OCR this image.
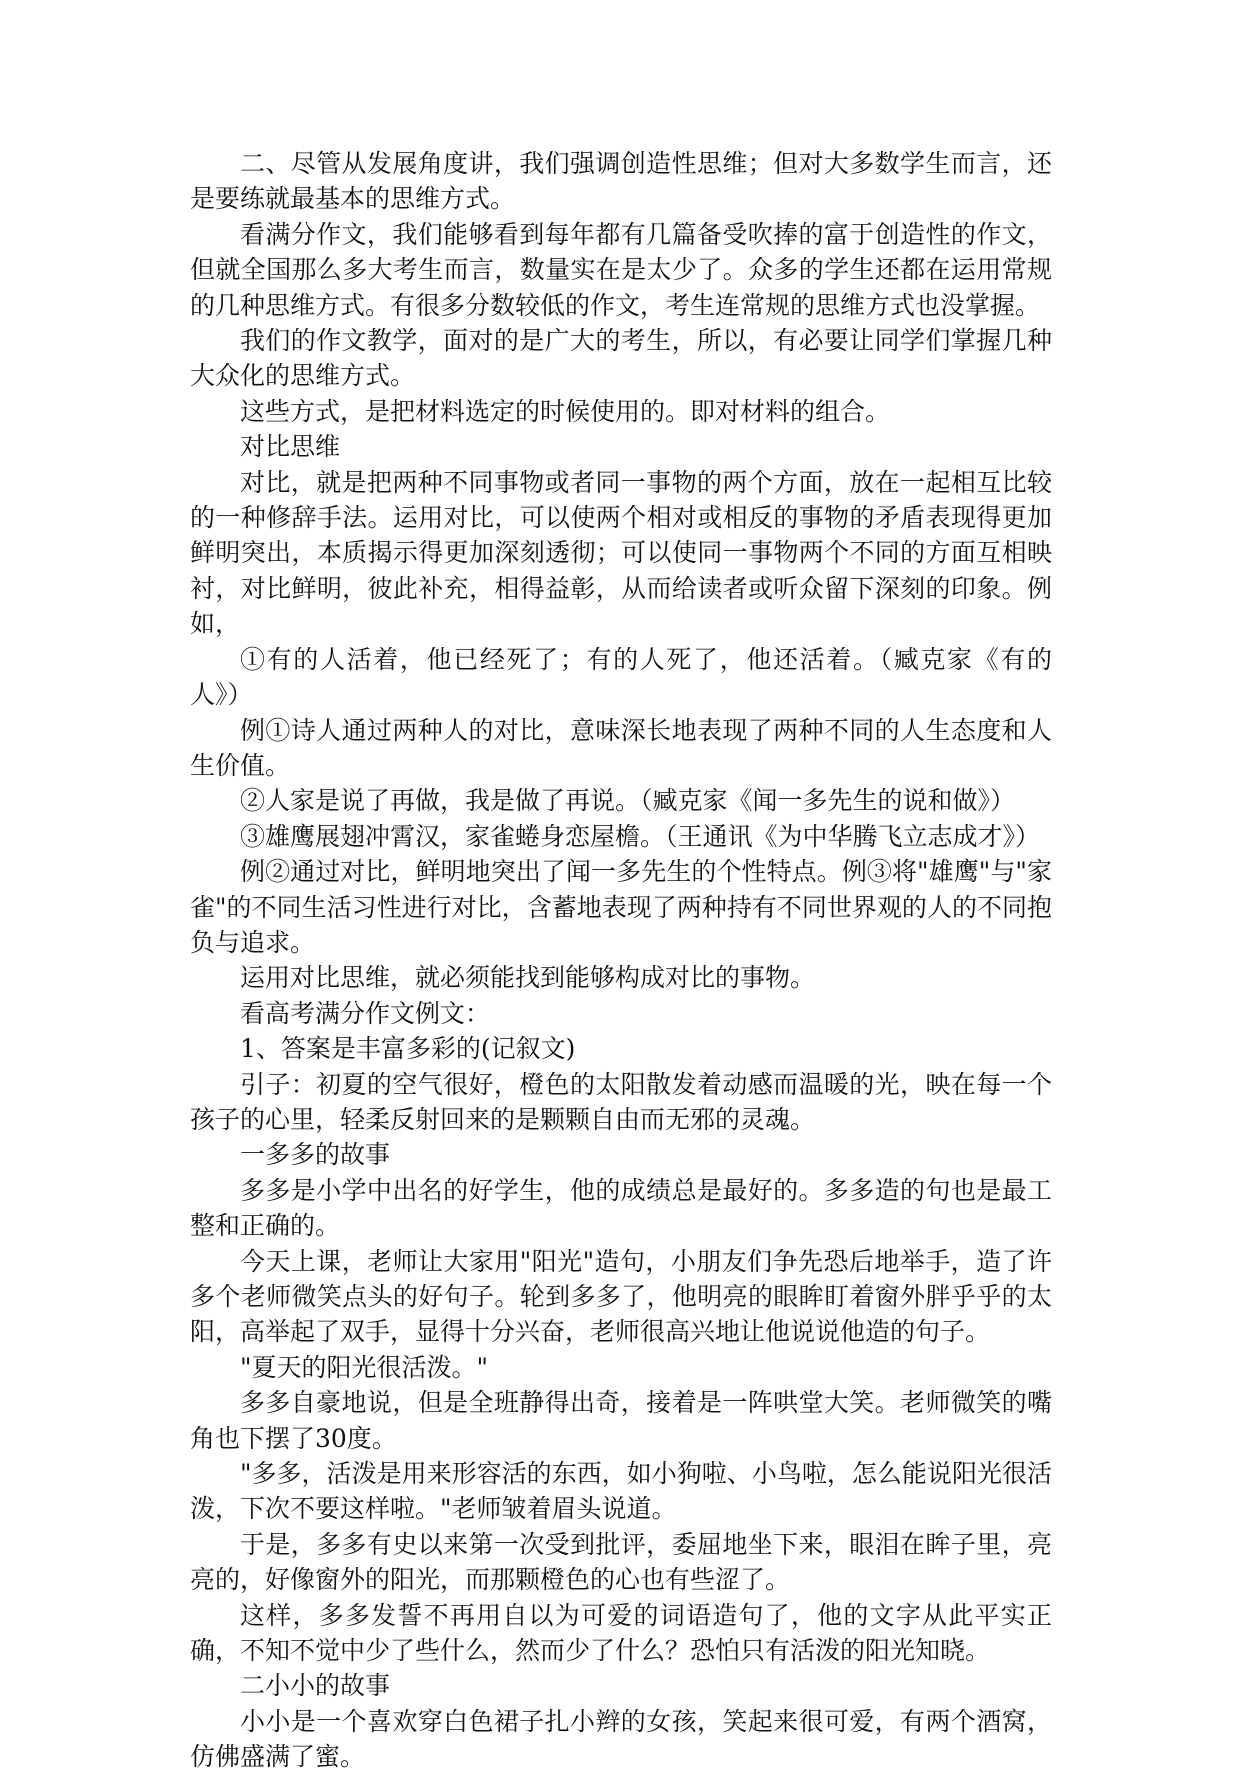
二、尽管从发展角度讲，我们强调创造性思维；但对大多数学生而言，还是要练就最基本的思维方式。

看满分作文，我们能够看到每年都有几篇备受吹捧的富于创造性的作文，但就全国那么多大考生而言，数量实在是太少了。众多的学生还都在运用常规的几种思维方式。有很多分数较低的作文，考生连常规的思维方式也没掌握。

我们的作文教学，面对的是广大的考生，所以，有必要让同学们掌握几种大众化的思维方式。

这些方式，是把材料选定的时候使用的。即对材料的组合。

对比思维

对比，就是把两种不同事物或者同一事物的两个方面，放在一起相互比较的一种修辞手法。运用对比，可以使两个相对或相反的事物的矛盾表现得更加鲜明突出，本质揭示得更加深刻透彻；可以使同一事物两个不同的方面互相映衬，对比鲜明，彼此补充，相得益彰，从而给读者或听众留下深刻的印象。例如，

①有的人活着，他已经死了；有的人死了，他还活着。（臧克家《有的人》）

例①诗人通过两种人的对比，意味深长地表现了两种不同的人生态度和人生价值。

②人家是说了再做，我是做了再说。（臧克家《闻一多先生的说和做》）

③雄鹰展翅冲霄汉，家雀蜷身恋屋檐。（王通讯《为中华腾飞立志成才》）

例②通过对比，鲜明地突出了闻一多先生的个性特点。例③将"雄鹰"与"家雀"的不同生活习性进行对比，含蓄地表现了两种持有不同世界观的人的不同抱负与追求。

运用对比思维，就必须能找到能够构成对比的事物。

看高考满分作文例文：

1、答案是丰富多彩的(记叙文)

引子：初夏的空气很好，橙色的太阳散发着动感而温暖的光，映在每一个孩子的心里，轻柔反射回来的是颗颗自由而无邪的灵魂。

一多多的故事

多多是小学中出名的好学生，他的成绩总是最好的。多多造的句也是最工整和正确的。

今天上课，老师让大家用"阳光"造句，小朋友们争先恐后地举手，造了许多个老师微笑点头的好句子。轮到多多了，他明亮的眼眸盯着窗外胖乎乎的太阳，高举起了双手，显得十分兴奋，老师很高兴地让他说说他造的句子。

"夏天的阳光很活泼。"

多多自豪地说，但是全班静得出奇，接着是一阵哄堂大笑。老师微笑的嘴角也下摆了30度。

"多多，活泼是用来形容活的东西，如小狗啦、小鸟啦，怎么能说阳光很活泼，下次不要这样啦。"老师皱着眉头说道。

于是，多多有史以来第一次受到批评，委屈地坐下来，眼泪在眸子里，亮亮的，好像窗外的阳光，而那颗橙色的心也有些涩了。

这样，多多发誓不再用自以为可爱的词语造句了，他的文字从此平实正确，不知不觉中少了些什么，然而少了什么？恐怕只有活泼的阳光知晓。

二小小的故事

小小是一个喜欢穿白色裙子扎小辫的女孩，笑起来很可爱，有两个酒窝，仿佛盛满了蜜。
